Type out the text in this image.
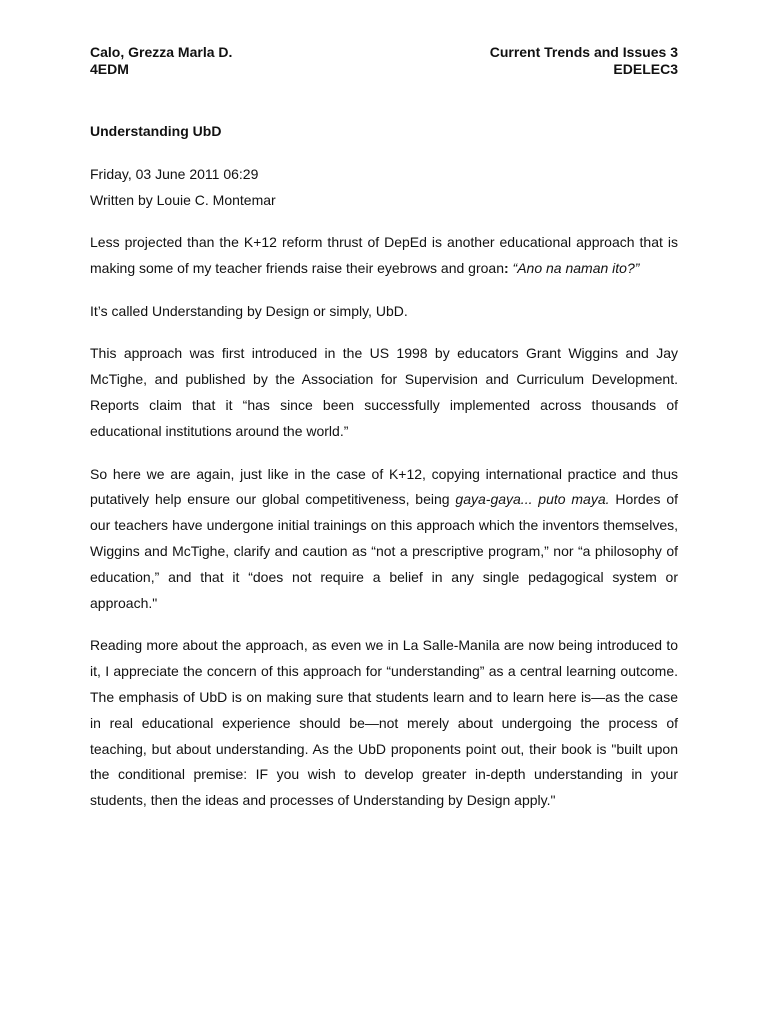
Calo, Grezza Marla D.	Current Trends and Issues 3
4EDM	EDELEC3
Understanding UbD
Friday, 03 June 2011 06:29
Written by Louie C. Montemar

Less projected than the K+12 reform thrust of DepEd is another educational approach that is making some of my teacher friends raise their eyebrows and groan: “Ano na naman ito?”

It’s called Understanding by Design or simply, UbD.

This approach was first introduced in the US 1998 by educators Grant Wiggins and Jay McTighe, and published by the Association for Supervision and Curriculum Development. Reports claim that it “has since been successfully implemented across thousands of educational institutions around the world.”

So here we are again, just like in the case of K+12, copying international practice and thus putatively help ensure our global competitiveness, being gaya-gaya... puto maya. Hordes of our teachers have undergone initial trainings on this approach which the inventors themselves, Wiggins and McTighe, clarify and caution as “not a prescriptive program,” nor “a philosophy of education,” and that it “does not require a belief in any single pedagogical system or approach."

Reading more about the approach, as even we in La Salle-Manila are now being introduced to it, I appreciate the concern of this approach for “understanding” as a central learning outcome. The emphasis of UbD is on making sure that students learn and to learn here is—as the case in real educational experience should be—not merely about undergoing the process of teaching, but about understanding. As the UbD proponents point out, their book is "built upon the conditional premise: IF you wish to develop greater in-depth understanding in your students, then the ideas and processes of Understanding by Design apply."
